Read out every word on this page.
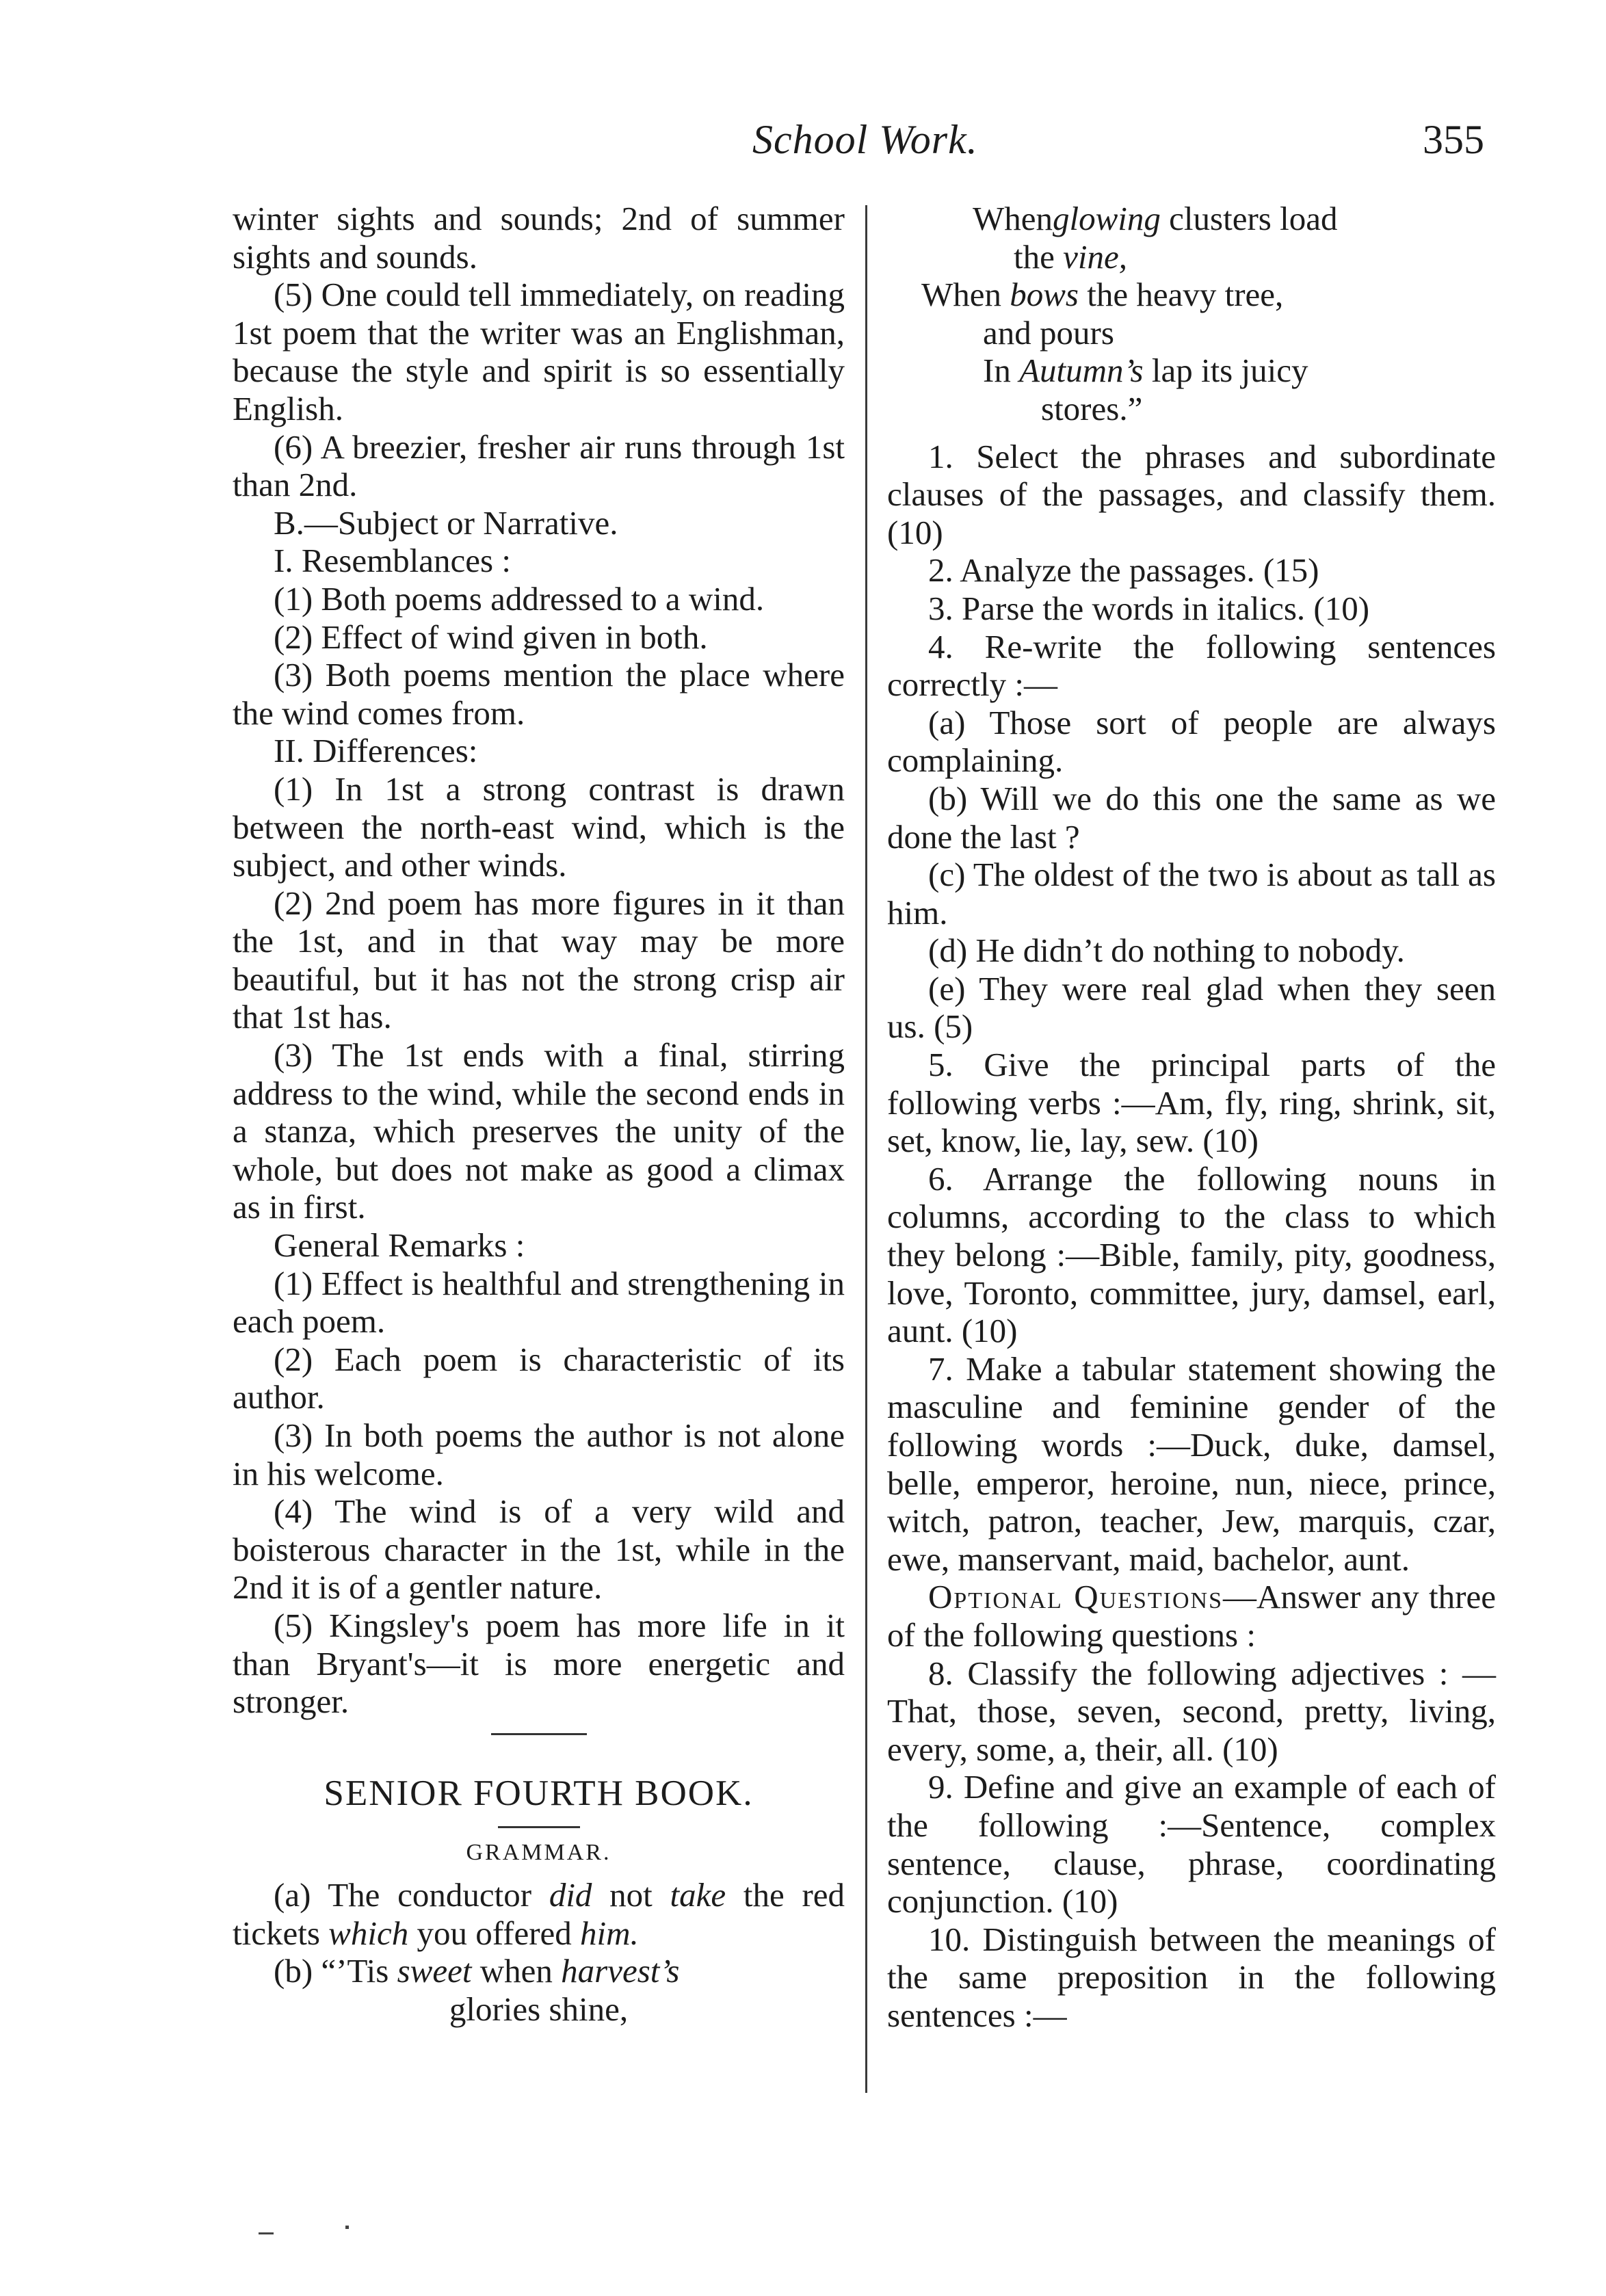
School Work.	355

winter sights and sounds; 2nd of summer sights and sounds.

(5) One could tell immediately, on reading 1st poem that the writer was an Englishman, because the style and spirit is so essentially English.

(6) A breezier, fresher air runs through 1st than 2nd.

B.—Subject or Narrative.

I. Resemblances :

(1) Both poems addressed to a wind.

(2) Effect of wind given in both.

(3) Both poems mention the place where the wind comes from.

II. Differences:

(1) In 1st a strong contrast is drawn between the north-east wind, which is the subject, and other winds.

(2) 2nd poem has more figures in it than the 1st, and in that way may be more beautiful, but it has not the strong crisp air that 1st has.

(3) The 1st ends with a final, stirring address to the wind, while the second ends in a stanza, which preserves the unity of the whole, but does not make as good a climax as in first.

General Remarks :

(1) Effect is healthful and strengthening in each poem.

(2) Each poem is characteristic of its author.

(3) In both poems the author is not alone in his welcome.

(4) The wind is of a very wild and boisterous character in the 1st, while in the 2nd it is of a gentler nature.

(5) Kingsley's poem has more life in it than Bryant's—it is more energetic and stronger.

SENIOR FOURTH BOOK.

GRAMMAR.

(a) The conductor did not take the red tickets which you offered him.

(b) “’Tis sweet when harvest’s

glories shine,

Whenglowing clusters load
the vine,
When bows the heavy tree,
and pours
In Autumn’s lap its juicy
stores.”

1. Select the phrases and subordinate clauses of the passages, and classify them. (10)

2. Analyze the passages. (15)

3. Parse the words in italics. (10)

4. Re-write the following sentences correctly :—

(a) Those sort of people are always complaining.

(b) Will we do this one the same as we done the last ?

(c) The oldest of the two is about as tall as him.

(d) He didn’t do nothing to nobody.

(e) They were real glad when they seen us. (5)

5. Give the principal parts of the following verbs :—Am, fly, ring, shrink, sit, set, know, lie, lay, sew. (10)

6. Arrange the following nouns in columns, according to the class to which they belong :—Bible, family, pity, goodness, love, Toronto, committee, jury, damsel, earl, aunt. (10)

7. Make a tabular statement showing the masculine and feminine gender of the following words :—Duck, duke, damsel, belle, emperor, heroine, nun, niece, prince, witch, patron, teacher, Jew, marquis, czar, ewe, manservant, maid, bachelor, aunt.

Optional Questions—Answer any three of the following questions :

8. Classify the following adjectives : —That, those, seven, second, pretty, living, every, some, a, their, all. (10)

9. Define and give an example of each of the following :—Sentence, complex sentence, clause, phrase, coordinating conjunction. (10)

10. Distinguish between the meanings of the same preposition in the following sentences :—
